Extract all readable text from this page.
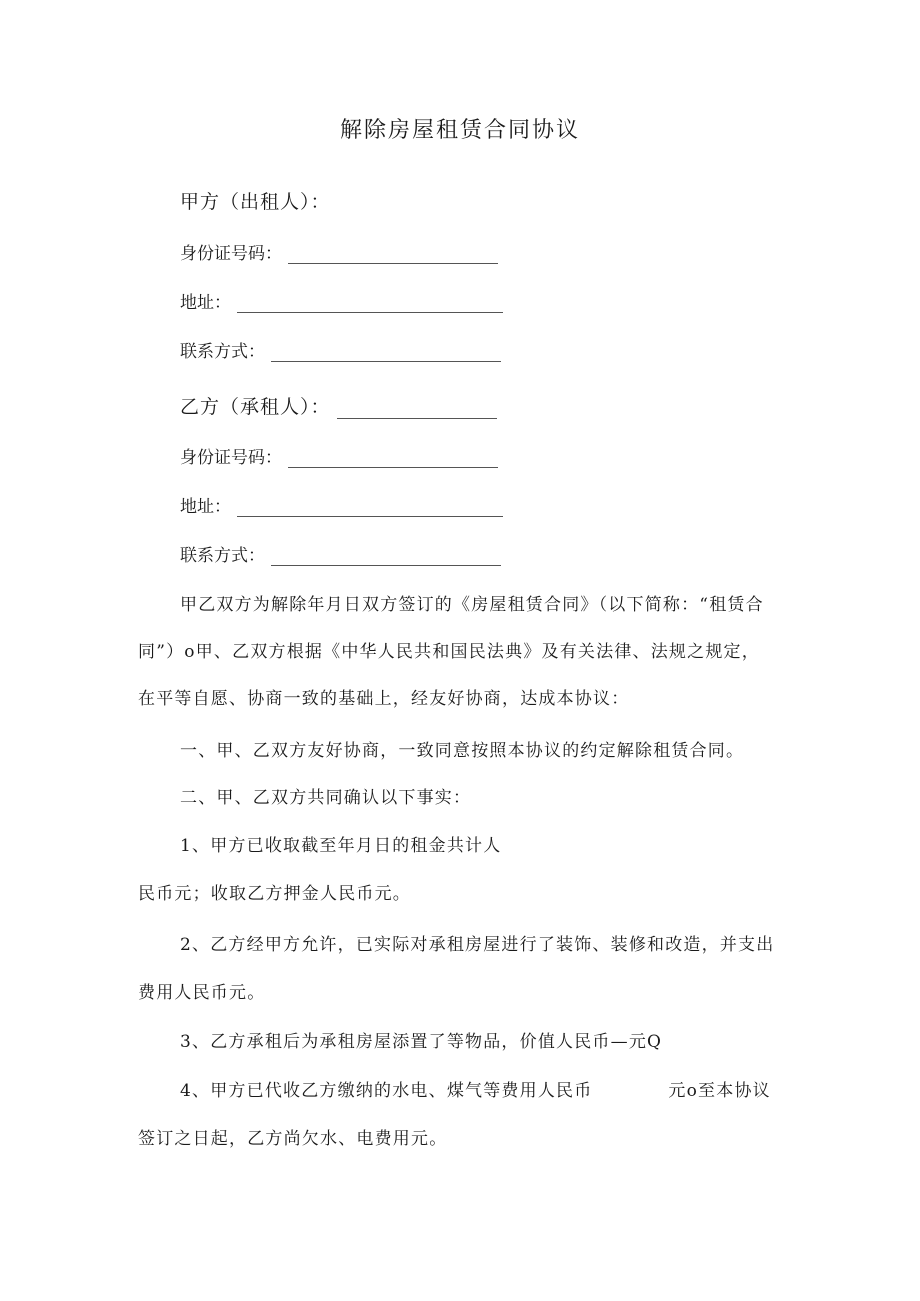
解除房屋租赁合同协议
甲方（出租人）：
身份证号码：
地址：
联系方式：
乙方（承租人）：
身份证号码：
地址：
联系方式：
甲乙双方为解除年月日双方签订的《房屋租赁合同》（以下简称：“租赁合
同”）o甲、乙双方根据《中华人民共和国民法典》及有关法律、法规之规定，
在平等自愿、协商一致的基础上，经友好协商，达成本协议：
一、甲、乙双方友好协商，一致同意按照本协议的约定解除租赁合同。
二、甲、乙双方共同确认以下事实：
1、甲方已收取截至年月日的租金共计人
民币元；收取乙方押金人民币元。
2、乙方经甲方允许，已实际对承租房屋进行了装饰、装修和改造，并支出
费用人民币元。
3、乙方承租后为承租房屋添置了等物品，价值人民币—元Q
4、甲方已代收乙方缴纳的水电、煤气等费用人民币	元o至本协议
签订之日起，乙方尚欠水、电费用元。
